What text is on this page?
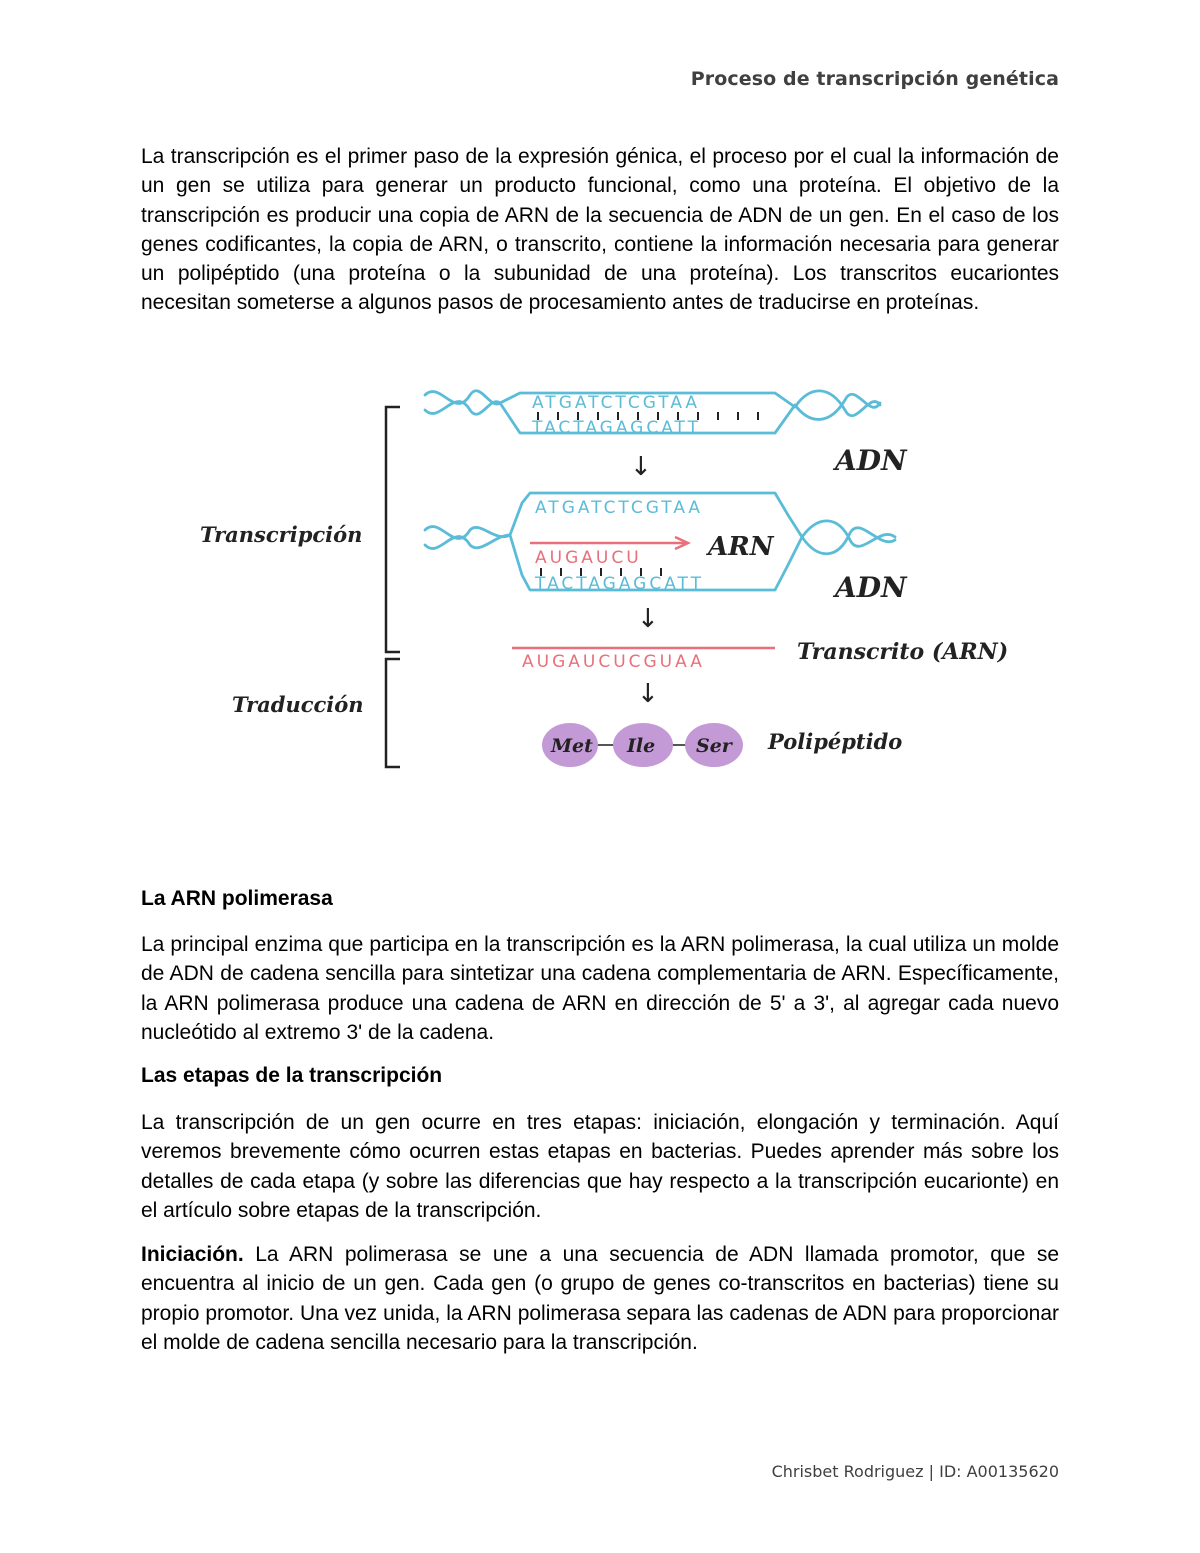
Proceso de transcripción genética

La transcripción es el primer paso de la expresión génica, el proceso por el cual la información de un gen se utiliza para generar un producto funcional, como una proteína. El objetivo de la transcripción es producir una copia de ARN de la secuencia de ADN de un gen. En el caso de los genes codificantes, la copia de ARN, o transcrito, contiene la información necesaria para generar un polipéptido (una proteína o la subunidad de una proteína). Los transcritos eucariontes necesitan someterse a algunos pasos de procesamiento antes de traducirse en proteínas.

ATGATCTCGTAA
TACTAGAGCATT
↓	ADN
ATGATCTCGTAA
AUGAUCU
TACTAGAGCATT
ARN
ADN
↓
AUGAUCUCGUAA	Transcrito (ARN)
↓
Met Ile Ser Polipéptido
Transcripción
Traducción
La ARN polimerasa

La principal enzima que participa en la transcripción es la ARN polimerasa, la cual utiliza un molde de ADN de cadena sencilla para sintetizar una cadena complementaria de ARN. Específicamente, la ARN polimerasa produce una cadena de ARN en dirección de 5' a 3', al agregar cada nuevo nucleótido al extremo 3' de la cadena.

Las etapas de la transcripción

La transcripción de un gen ocurre en tres etapas: iniciación, elongación y terminación. Aquí veremos brevemente cómo ocurren estas etapas en bacterias. Puedes aprender más sobre los detalles de cada etapa (y sobre las diferencias que hay respecto a la transcripción eucarionte) en el artículo sobre etapas de la transcripción.

Iniciación. La ARN polimerasa se une a una secuencia de ADN llamada promotor, que se encuentra al inicio de un gen. Cada gen (o grupo de genes co-transcritos en bacterias) tiene su propio promotor. Una vez unida, la ARN polimerasa separa las cadenas de ADN para proporcionar el molde de cadena sencilla necesario para la transcripción.

Chrisbet Rodriguez | ID: A00135620
